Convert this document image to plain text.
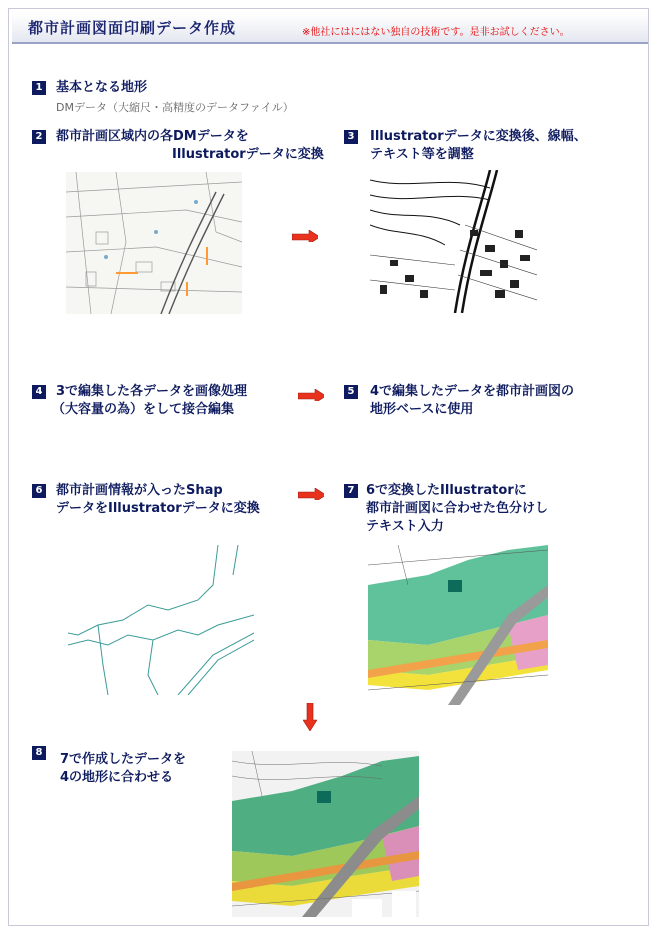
都市計画図面印刷データ作成	※他社にはにはない独自の技術です。是非お試しください。
1 基本となる地形
DMデータ（大縮尺・高精度のデータファイル）
2 都市計画区域内の各DMデータを
Illustratorデータに変換
3 Illustratorデータに変換後、線幅、
テキスト等を調整
4 3で編集した各データを画像処理
（大容量の為）をして接合編集
5 4で編集したデータを都市計画図の
地形ベースに使用
6 都市計画情報が入ったShap
データをIllustratorデータに変換
7 6で変換したIllustratorに
都市計画図に合わせた色分けし
テキスト入力
8 7で作成したデータを
4の地形に合わせる
